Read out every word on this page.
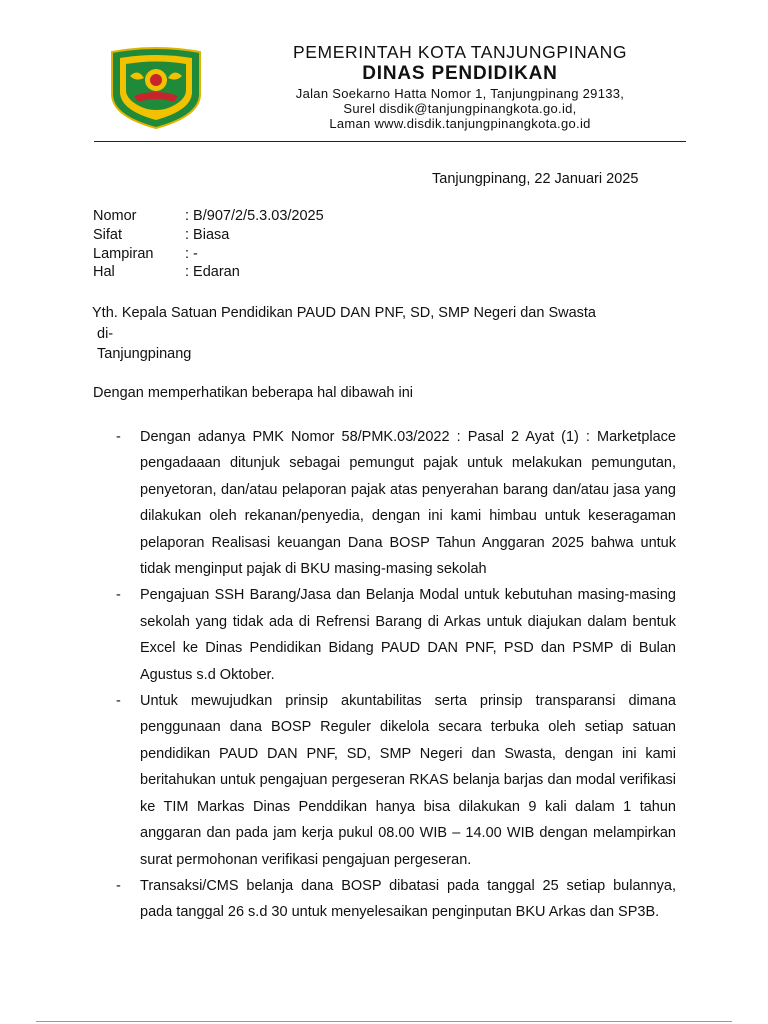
PEMERINTAH KOTA TANJUNGPINANG
DINAS PENDIDIKAN
Jalan Soekarno Hatta Nomor 1, Tanjungpinang 29133,
Surel disdik@tanjungpinangkota.go.id,
Laman www.disdik.tanjungpinangkota.go.id
Tanjungpinang, 22 Januari 2025
Nomor	: B/907/2/5.3.03/2025
Sifat	: Biasa
Lampiran	: -
Hal	: Edaran
Yth. Kepala Satuan Pendidikan PAUD DAN PNF, SD, SMP Negeri dan Swasta
di-
Tanjungpinang
Dengan memperhatikan beberapa hal dibawah ini
-	Dengan adanya PMK Nomor 58/PMK.03/2022 : Pasal 2 Ayat (1) : Marketplace pengadaaan ditunjuk sebagai pemungut pajak untuk melakukan pemungutan, penyetoran, dan/atau pelaporan pajak atas penyerahan barang dan/atau jasa yang dilakukan oleh rekanan/penyedia, dengan ini kami himbau untuk keseragaman pelaporan Realisasi keuangan Dana BOSP Tahun Anggaran 2025 bahwa untuk tidak menginput pajak di BKU masing-masing sekolah
-	Pengajuan SSH Barang/Jasa dan Belanja Modal untuk kebutuhan masing-masing sekolah yang tidak ada di Refrensi Barang di Arkas untuk diajukan dalam bentuk Excel ke Dinas Pendidikan Bidang PAUD DAN PNF, PSD dan PSMP di Bulan Agustus s.d Oktober.
-	Untuk mewujudkan prinsip akuntabilitas serta prinsip transparansi dimana penggunaan dana BOSP Reguler dikelola secara terbuka oleh setiap satuan pendidikan PAUD DAN PNF, SD, SMP Negeri dan Swasta, dengan ini kami beritahukan untuk pengajuan pergeseran RKAS belanja barjas dan modal verifikasi ke TIM Markas Dinas Penddikan hanya bisa dilakukan 9 kali dalam 1 tahun anggaran dan pada jam kerja pukul 08.00 WIB – 14.00 WIB dengan melampirkan surat permohonan verifikasi pengajuan pergeseran.
-	Transaksi/CMS belanja dana BOSP dibatasi pada tanggal 25 setiap bulannya, pada tanggal 26 s.d 30 untuk menyelesaikan penginputan BKU Arkas dan SP3B.
